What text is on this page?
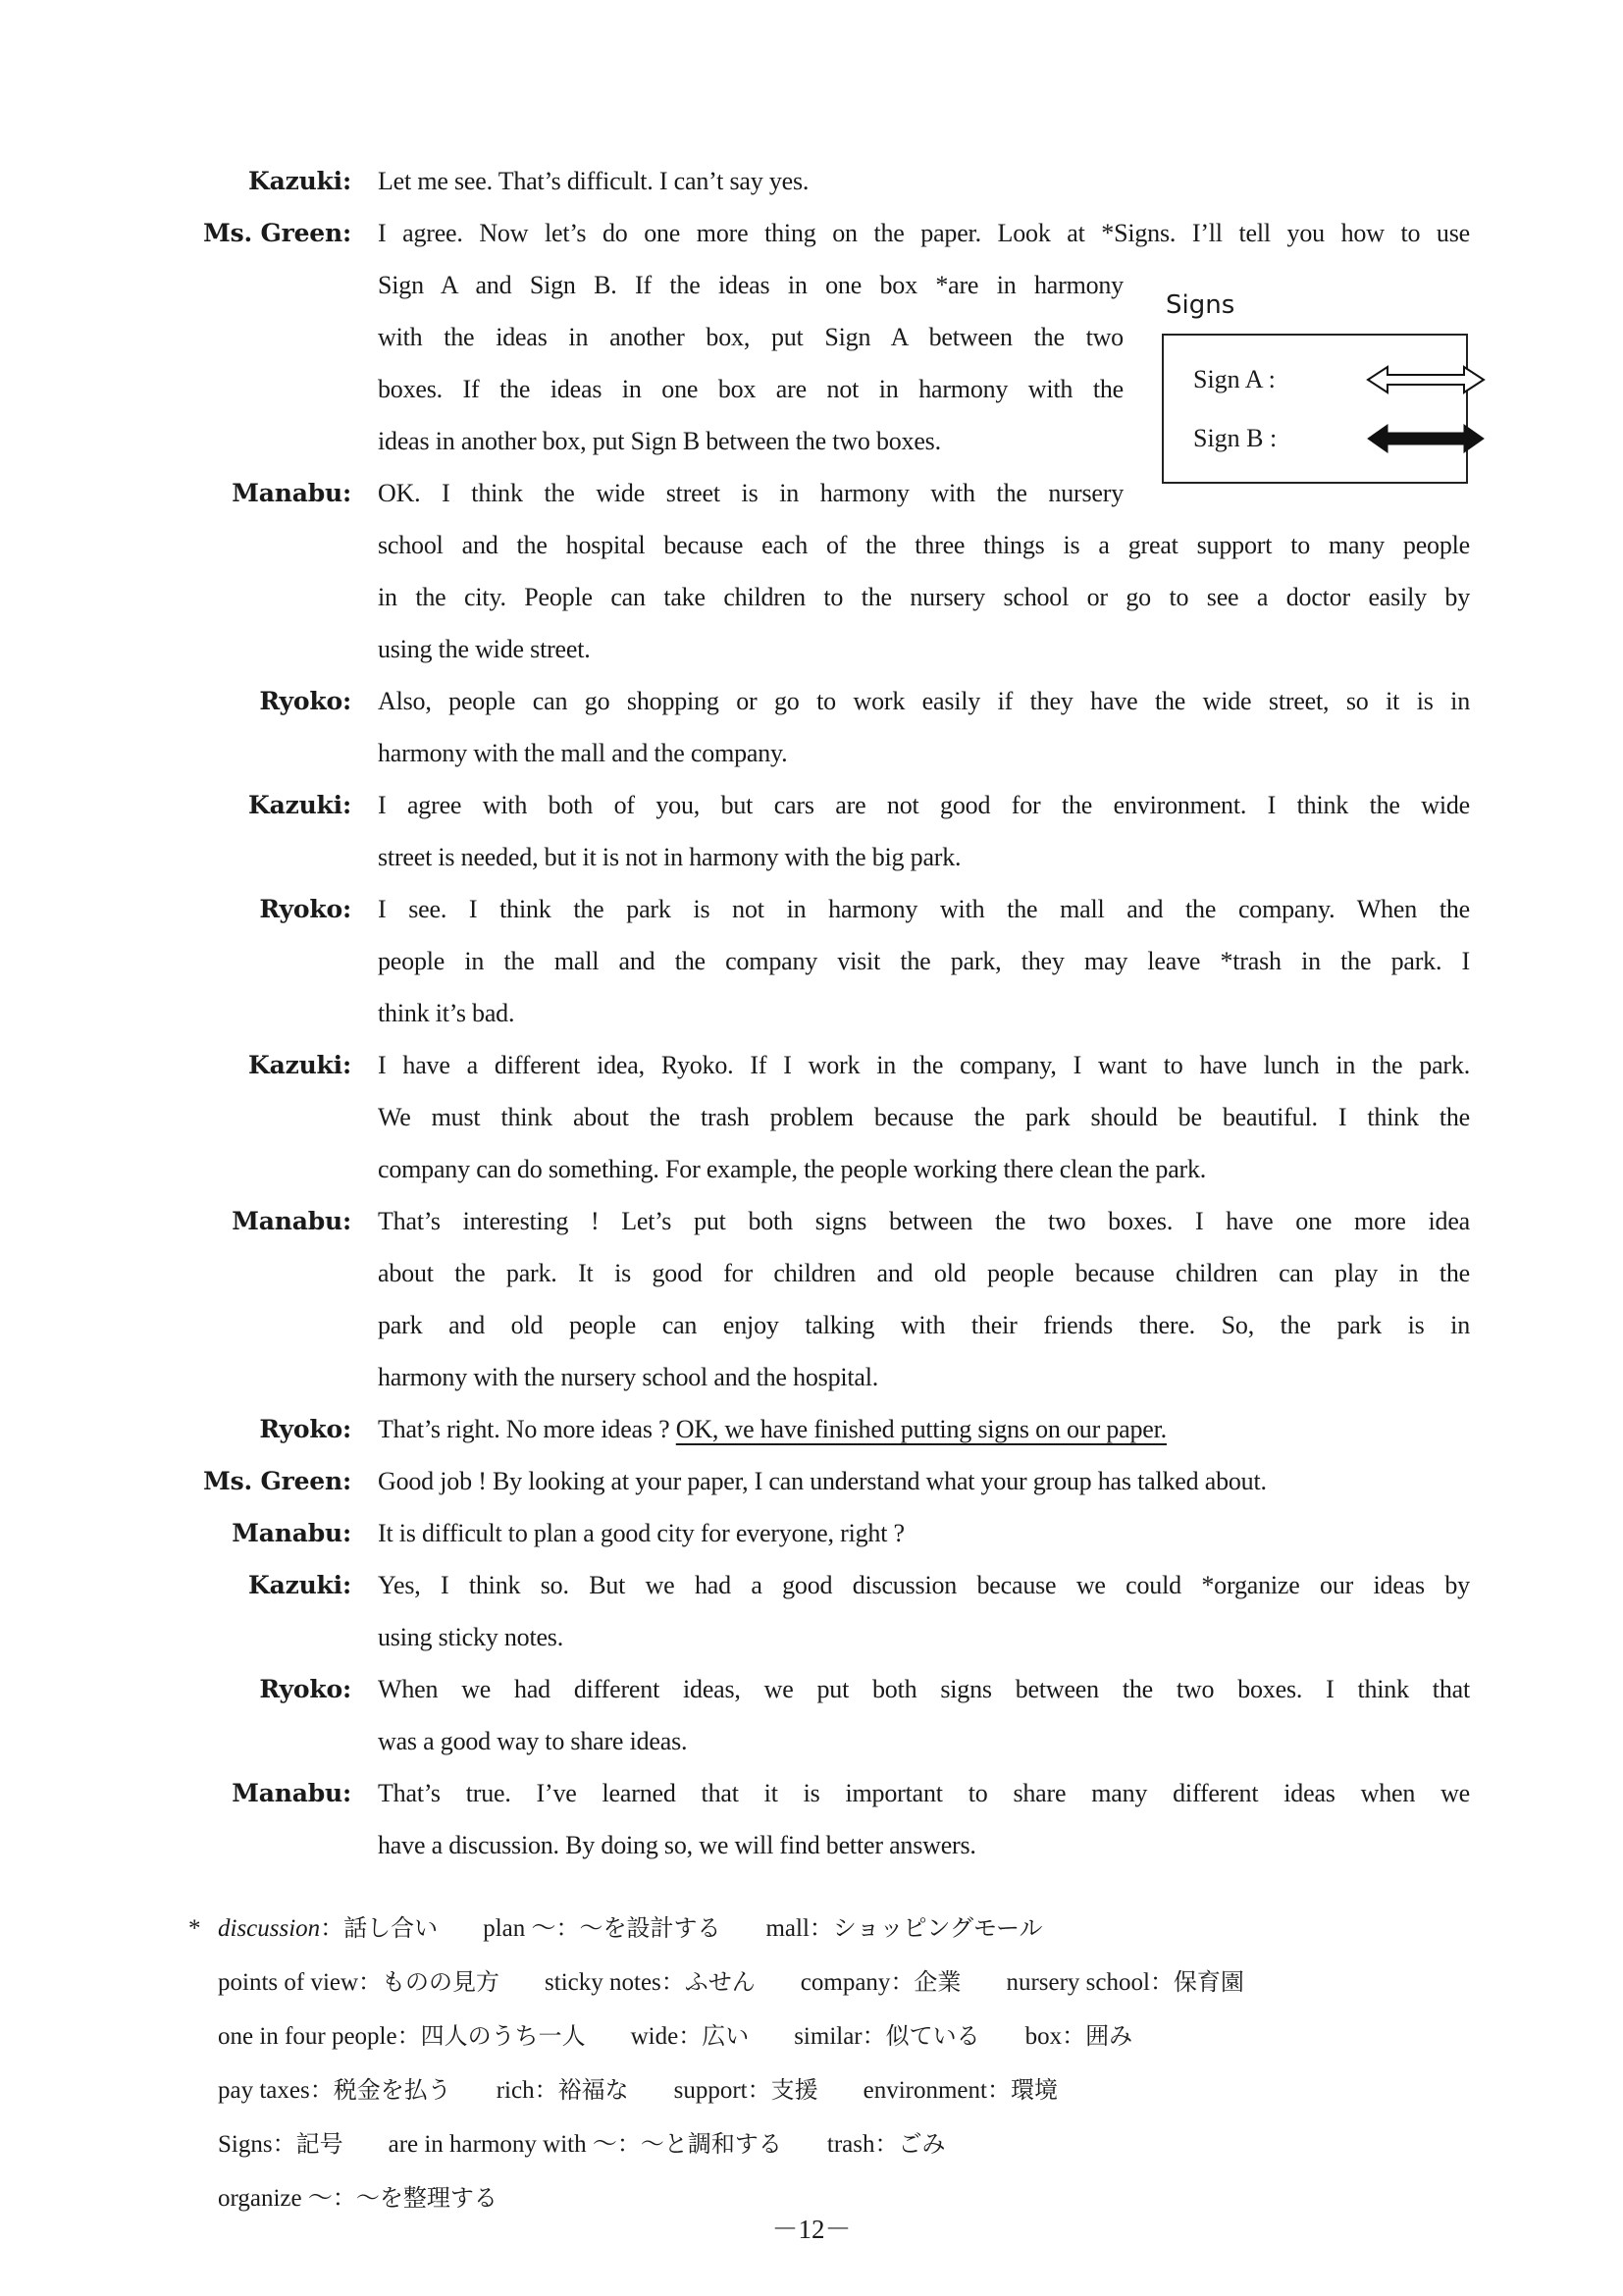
Kazuki: Let me see. That’s difficult. I can’t say yes.
Ms. Green: I agree. Now let’s do one more thing on the paper. Look at *Signs. I’ll tell you how to use
Sign A and Sign B. If the ideas in one box *are in harmony
with the ideas in another box, put Sign A between the two
boxes. If the ideas in one box are not in harmony with the
ideas in another box, put Sign B between the two boxes.
Manabu: OK. I think the wide street is in harmony with the nursery
school and the hospital because each of the three things is a great support to many people
in the city. People can take children to the nursery school or go to see a doctor easily by
using the wide street.
Ryoko: Also, people can go shopping or go to work easily if they have the wide street, so it is in
harmony with the mall and the company.
Kazuki: I agree with both of you, but cars are not good for the environment. I think the wide
street is needed, but it is not in harmony with the big park.
Ryoko: I see. I think the park is not in harmony with the mall and the company. When the
people in the mall and the company visit the park, they may leave *trash in the park. I
think it’s bad.
Kazuki: I have a different idea, Ryoko. If I work in the company, I want to have lunch in the park.
We must think about the trash problem because the park should be beautiful. I think the
company can do something. For example, the people working there clean the park.
Manabu: That’s interesting ! Let’s put both signs between the two boxes. I have one more idea
about the park. It is good for children and old people because children can play in the
park and old people can enjoy talking with their friends there. So, the park is in
harmony with the nursery school and the hospital.
Ryoko: That’s right. No more ideas ? OK, we have finished putting signs on our paper.
Ms. Green: Good job ! By looking at your paper, I can understand what your group has talked about.
Manabu: It is difficult to plan a good city for everyone, right ?
Kazuki: Yes, I think so. But we had a good discussion because we could *organize our ideas by
using sticky notes.
Ryoko: When we had different ideas, we put both signs between the two boxes. I think that
was a good way to share ideas.
Manabu: That’s true. I’ve learned that it is important to share many different ideas when we
have a discussion. By doing so, we will find better answers.
Signs
Sign A :
Sign B :
* discussion：話し合い plan ～：～を設計する mall：ショッピングモール
points of view：ものの見方 sticky notes：ふせん company：企業 nursery school：保育園
one in four people：四人のうち一人 wide：広い similar：似ている box：囲み
pay taxes：税金を払う rich：裕福な support：支援 environment：環境
Signs：記号 are in harmony with ～：～と調和する trash：ごみ
organize ～：～を整理する
－12－
